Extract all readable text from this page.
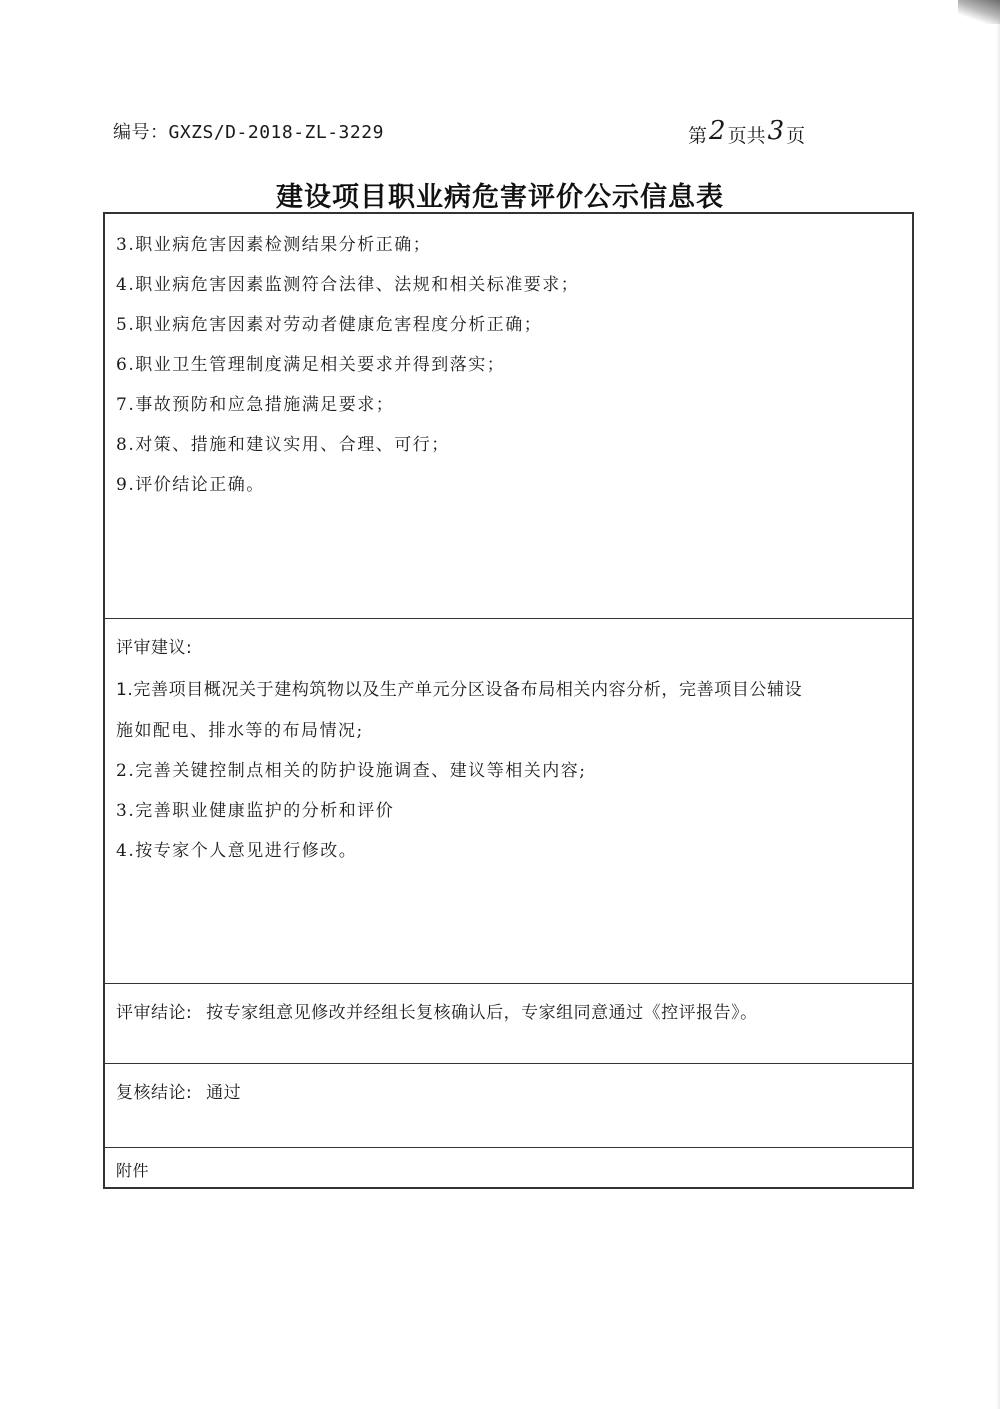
编号：GXZS/D-2018-ZL-3229	第2 页共3 页
建设项目职业病危害评价公示信息表
3.职业病危害因素检测结果分析正确；
4.职业病危害因素监测符合法律、法规和相关标准要求；
5.职业病危害因素对劳动者健康危害程度分析正确；
6.职业卫生管理制度满足相关要求并得到落实；
7.事故预防和应急措施满足要求；
8.对策、措施和建议实用、合理、可行；
9.评价结论正确。
评审建议:
1.完善项目概况关于建构筑物以及生产单元分区设备布局相关内容分析，完善项目公辅设
施如配电、排水等的布局情况;
2.完善关键控制点相关的防护设施调查、建议等相关内容;
3.完善职业健康监护的分析和评价
4.按专家个人意见进行修改。
评审结论: 按专家组意见修改并经组长复核确认后，专家组同意通过《控评报告》。
复核结论: 通过
附件
